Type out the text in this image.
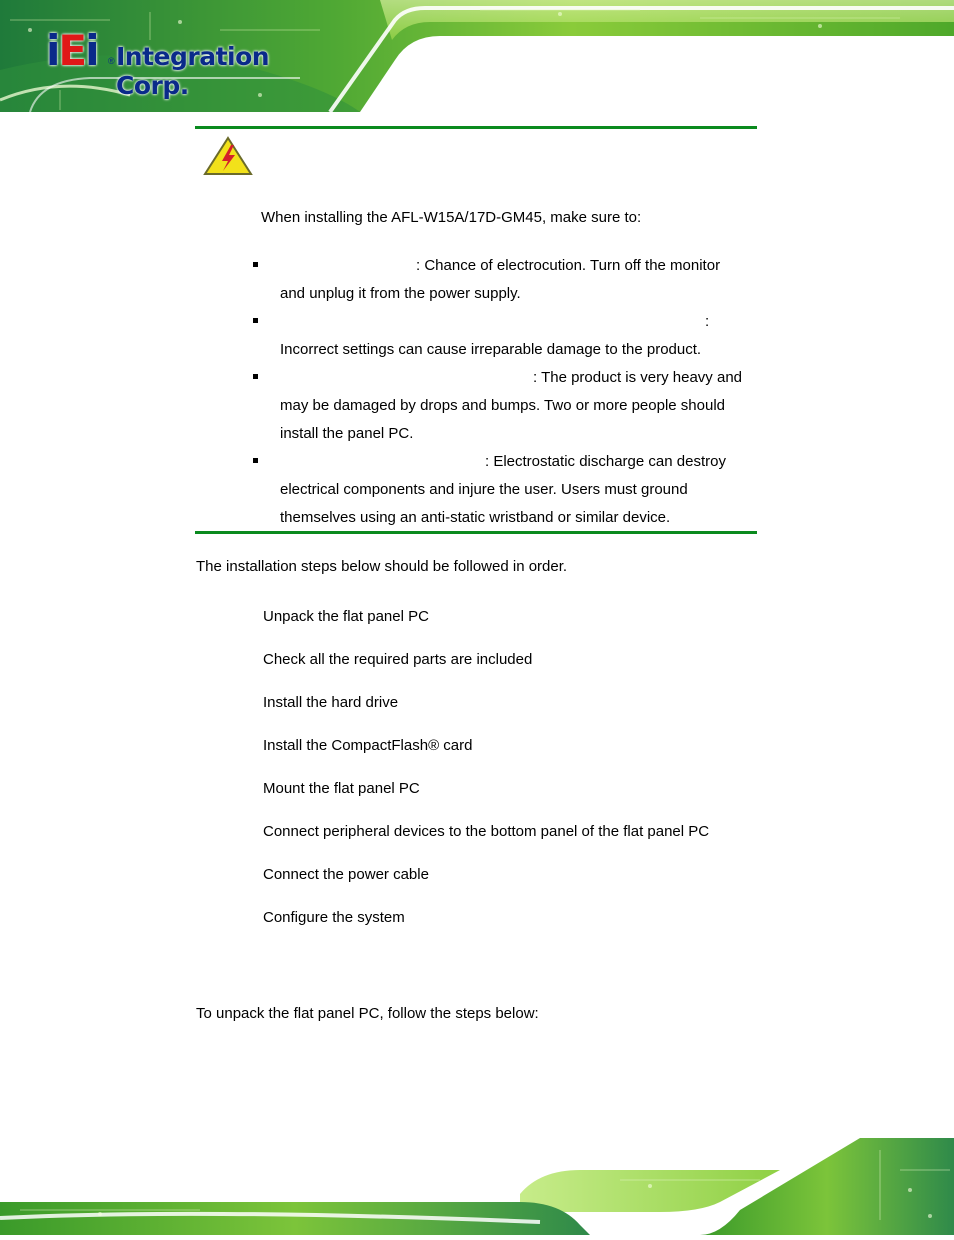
iEi ® Integration Corp.
When installing the AFL-W15A/17D-GM45, make sure to:
: Chance of electrocution. Turn off the monitor
and unplug it from the power supply.
:
Incorrect settings can cause irreparable damage to the product.
: The product is very heavy and
may be damaged by drops and bumps. Two or more people should
install the panel PC.
: Electrostatic discharge can destroy
electrical components and injure the user. Users must ground
themselves using an anti-static wristband or similar device.
The installation steps below should be followed in order.
Unpack the flat panel PC
Check all the required parts are included
Install the hard drive
Install the CompactFlash® card
Mount the flat panel PC
Connect peripheral devices to the bottom panel of the flat panel PC
Connect the power cable
Configure the system
To unpack the flat panel PC, follow the steps below:
